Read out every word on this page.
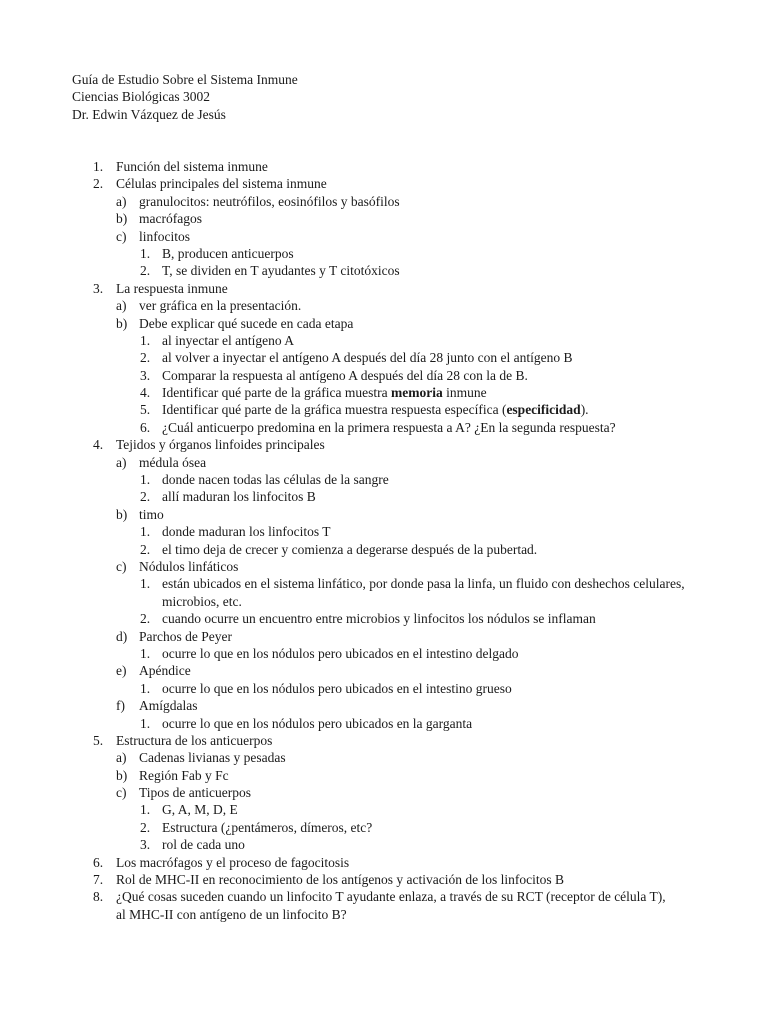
Guía de Estudio Sobre el Sistema Inmune
Ciencias Biológicas 3002
Dr. Edwin Vázquez de Jesús
1. Función del sistema inmune
2. Células principales del sistema inmune
a) granulocitos: neutrófilos, eosinófilos y basófilos
b) macrófagos
c) linfocitos
1. B, producen anticuerpos
2. T, se dividen en T ayudantes y T citotóxicos
3. La respuesta inmune
a) ver gráfica en la presentación.
b) Debe explicar qué sucede en cada etapa
1. al inyectar el antígeno A
2. al volver a inyectar el antígeno A después del día 28 junto con el antígeno B
3. Comparar la respuesta al antígeno A después del día 28 con la de B.
4. Identificar qué parte de la gráfica muestra memoria inmune
5. Identificar qué parte de la gráfica muestra respuesta específica (especificidad).
6. ¿Cuál anticuerpo predomina en la primera respuesta a A? ¿En la segunda respuesta?
4. Tejidos y órganos linfoides principales
a) médula ósea
1. donde nacen todas las células de la sangre
2. allí maduran los linfocitos B
b) timo
1. donde maduran los linfocitos T
2. el timo deja de crecer y comienza a degerarse después de la pubertad.
c) Nódulos linfáticos
1. están ubicados en el sistema linfático, por donde pasa la linfa, un fluido con deshechos celulares, microbios, etc.
2. cuando ocurre un encuentro entre microbios y linfocitos los nódulos se inflaman
d) Parchos de Peyer
1. ocurre lo que en los nódulos pero ubicados en el intestino delgado
e) Apéndice
1. ocurre lo que en los nódulos pero ubicados en el intestino grueso
f) Amígdalas
1. ocurre lo que en los nódulos pero ubicados en la garganta
5. Estructura de los anticuerpos
a) Cadenas livianas y pesadas
b) Región Fab y Fc
c) Tipos de anticuerpos
1. G, A, M, D, E
2. Estructura (¿pentámeros, dímeros, etc?
3. rol de cada uno
6. Los macrófagos y el proceso de fagocitosis
7. Rol de MHC-II en reconocimiento de los antígenos y activación de los linfocitos B
8. ¿Qué cosas suceden cuando un linfocito T ayudante enlaza, a través de su RCT (receptor de célula T), al MHC-II con antígeno de un linfocito B?
